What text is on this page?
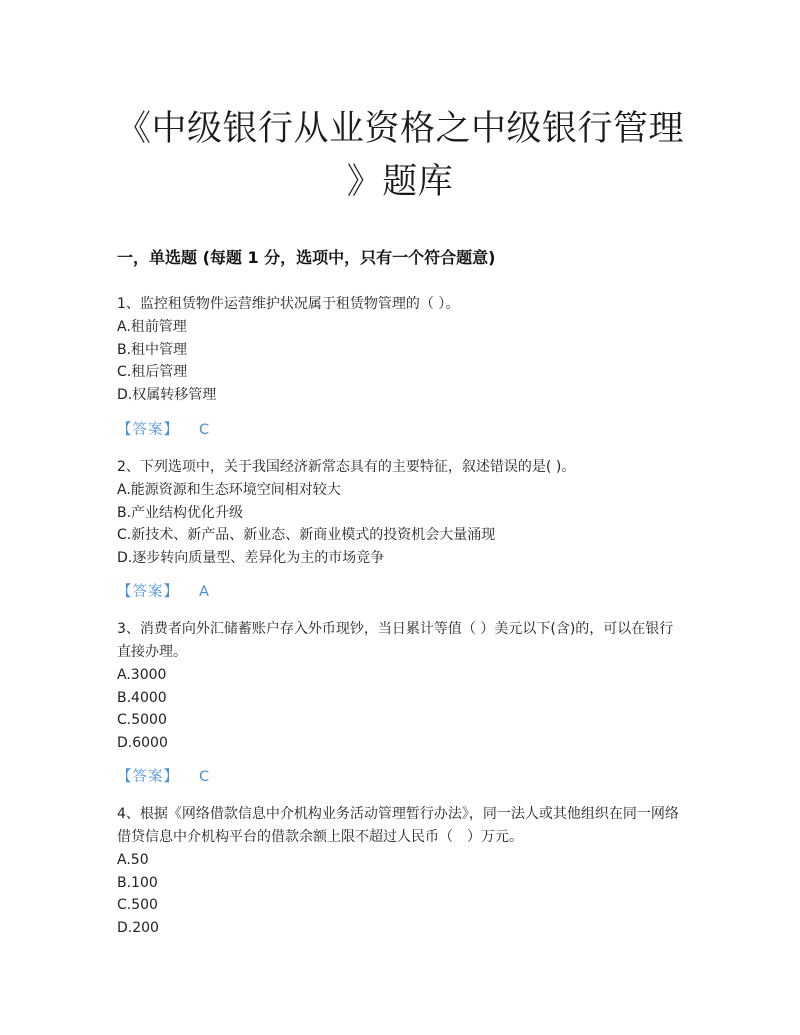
《中级银行从业资格之中级银行管理
》题库
一，单选题 (每题 1 分，选项中，只有一个符合题意)

1、监控租赁物件运营维护状况属于租赁物管理的（ ）。

A.租前管理

B.租中管理

C.租后管理

D.权属转移管理

【答案】 C

2、下列选项中，关于我国经济新常态具有的主要特征，叙述错误的是( )。

A.能源资源和生态环境空间相对较大

B.产业结构优化升级

C.新技术、新产品、新业态、新商业模式的投资机会大量涌现

D.逐步转向质量型、差异化为主的市场竞争

【答案】 A

3、消费者向外汇储蓄账户存入外币现钞，当日累计等值（ ）美元以下(含)的，可以在银行直接办理。

A.3000

B.4000

C.5000

D.6000

【答案】 C

4、根据《网络借款信息中介机构业务活动管理暂行办法》，同一法人或其他组织在同一网络借贷信息中介机构平台的借款余额上限不超过人民币（　）万元。

A.50

B.100

C.500

D.200
